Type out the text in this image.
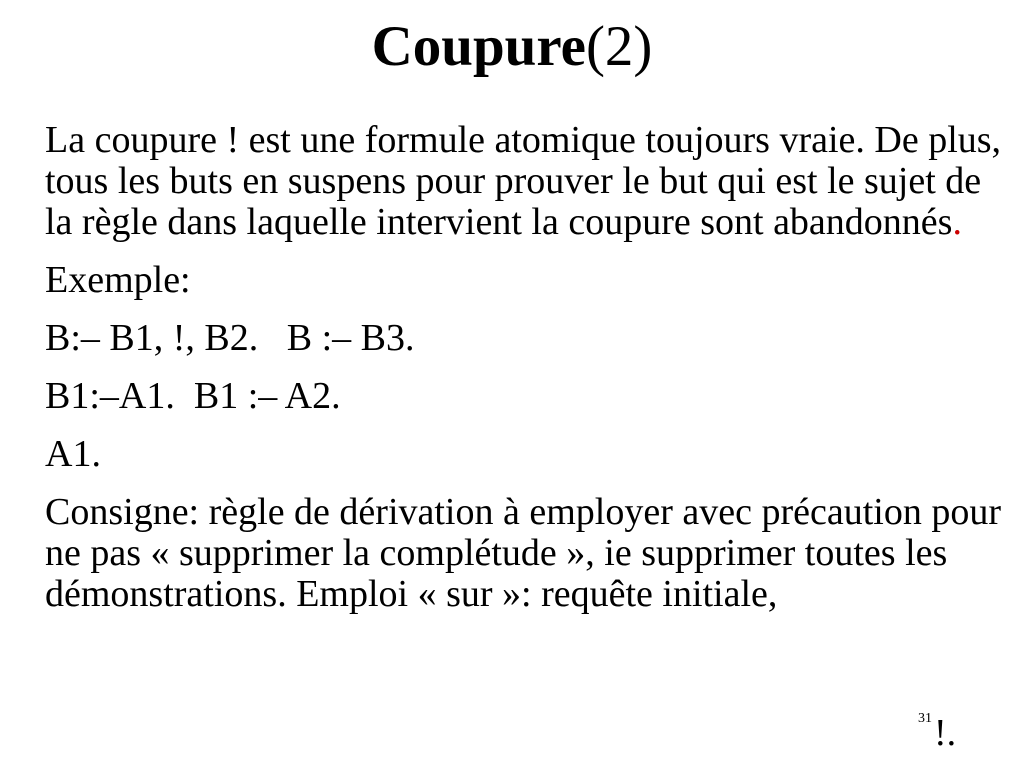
Coupure(2)

La coupure ! est une formule atomique toujours vraie. De plus, tous les buts en suspens pour prouver le but qui est le sujet de la règle dans laquelle intervient la coupure sont abandonnés.

Exemple:

B:– B1, !, B2.   B :– B3.

B1:–A1.  B1 :– A2.

A1.

Consigne: règle de dérivation à employer avec précaution pour ne pas « supprimer la complétude », ie supprimer toutes les démonstrations. Emploi « sur »: requête initiale,

31 !.
